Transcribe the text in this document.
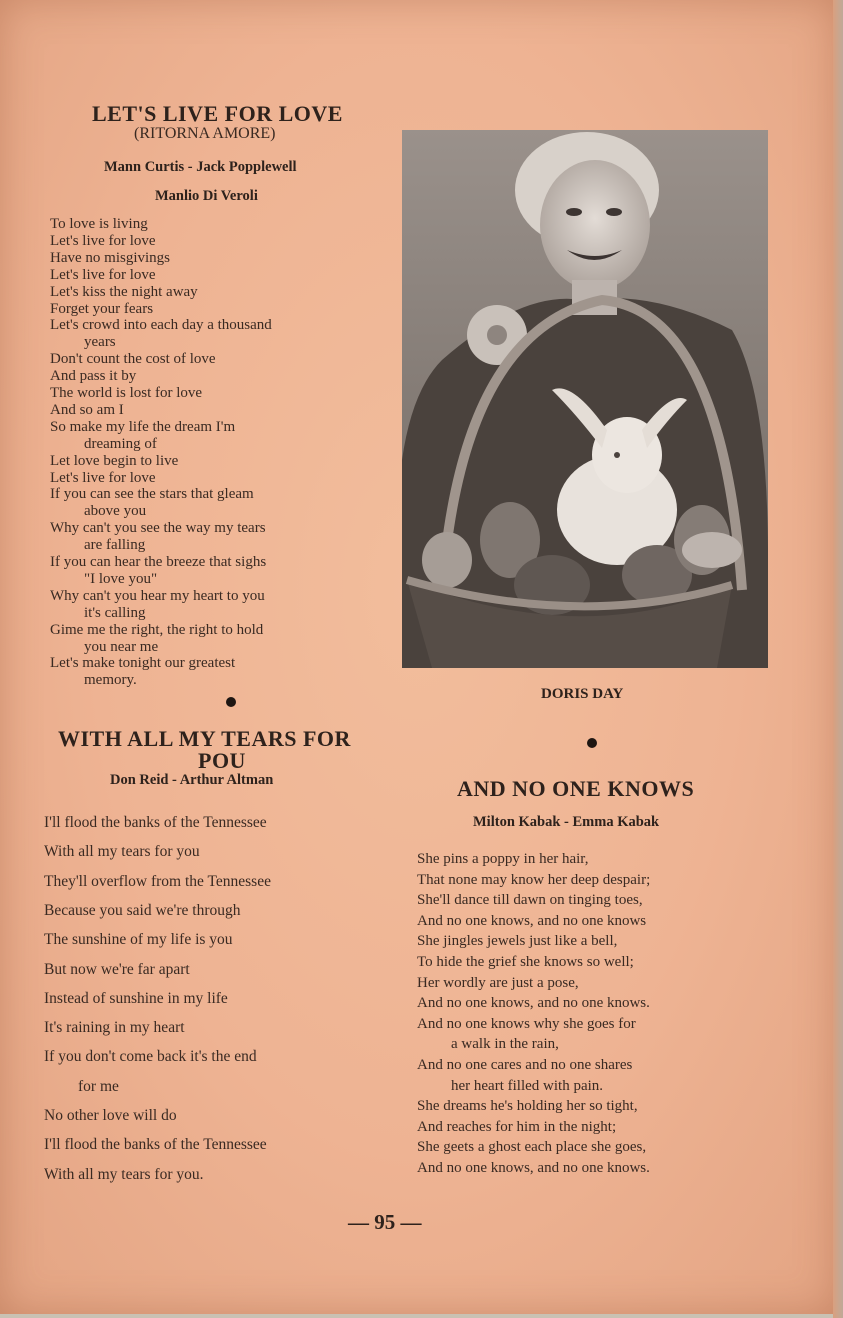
LET'S LIVE FOR LOVE
(RITORNA AMORE)
Mann Curtis - Jack Popplewell
Manlio Di Veroli
To love is living
Let's live for love
Have no misgivings
Let's live for love
Let's kiss the night away
Forget your fears
Let's crowd into each day a thousand
years
Don't count the cost of love
And pass it by
The world is lost for love
And so am I
So make my life the dream I'm
dreaming of
Let love begin to live
Let's live for love
If you can see the stars that gleam
above you
Why can't you see the way my tears
are falling
If you can hear the breeze that sighs
"I love you"
Why can't you hear my heart to you
it's calling
Gime me the right, the right to hold
you near me
Let's make tonight our greatest
memory.
WITH ALL MY TEARS FOR
POU
Don Reid - Arthur Altman
I'll flood the banks of the Tennessee
With all my tears for you
They'll overflow from the Tennessee
Because you said we're through
The sunshine of my life is you
But now we're far apart
Instead of sunshine in my life
It's raining in my heart
If you don't come back it's the end
for me
No other love will do
I'll flood the banks of the Tennessee
With all my tears for you.
DORIS DAY
AND NO ONE KNOWS
Milton Kabak - Emma Kabak
She pins a poppy in her hair,
That none may know her deep despair;
She'll dance till dawn on tinging toes,
And no one knows, and no one knows
She jingles jewels just like a bell,
To hide the grief she knows so well;
Her wordly are just a pose,
And no one knows, and no one knows.
And no one knows why she goes for
a walk in the rain,
And no one cares and no one shares
her heart filled with pain.
She dreams he's holding her so tight,
And reaches for him in the night;
She geets a ghost each place she goes,
And no one knows, and no one knows.
— 95 —
